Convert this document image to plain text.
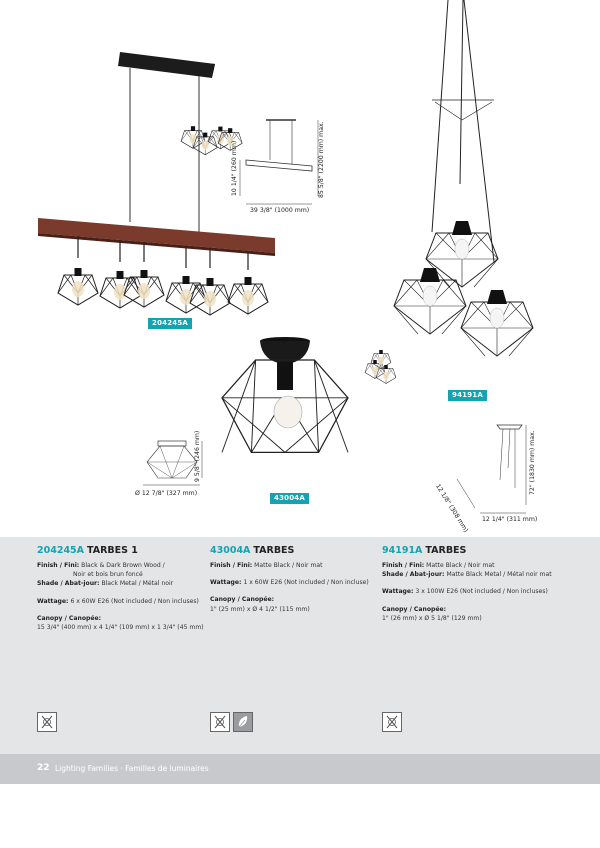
204245A
43004A
94191A
10 1/4" (260 mm)	85 5/8" (2200 mm) max.
39 3/8" (1000 mm)
9 5/8" (246 mm)
Ø 12 7/8" (327 mm)	72" (1830 mm) max.
12 1/8" (308 mm) 12 1/4" (311 mm)
204245A TARBES 1
Finish / Fini: Black & Dark Brown Wood /
Noir et bois brun foncé
Shade / Abat-jour: Black Metal / Métal noir
Wattage: 6 x 60W E26 (Not included / Non incluses)
Canopy / Canopée:
15 3/4" (400 mm) x 4 1/4" (109 mm) x 1 3/4" (45 mm)
43004A TARBES
Finish / Fini: Matte Black / Noir mat
Wattage: 1 x 60W E26 (Not included / Non incluse)
Canopy / Canopée:
1" (25 mm) x Ø 4 1/2" (115 mm)
94191A TARBES
Finish / Fini: Matte Black / Noir mat
Shade / Abat-jour: Matte Black Metal / Métal noir mat
Wattage: 3 x 100W E26 (Not included / Non incluses)
Canopy / Canopée:
1" (26 mm) x Ø 5 1/8" (129 mm)
22 Lighting Families · Familles de luminaires
